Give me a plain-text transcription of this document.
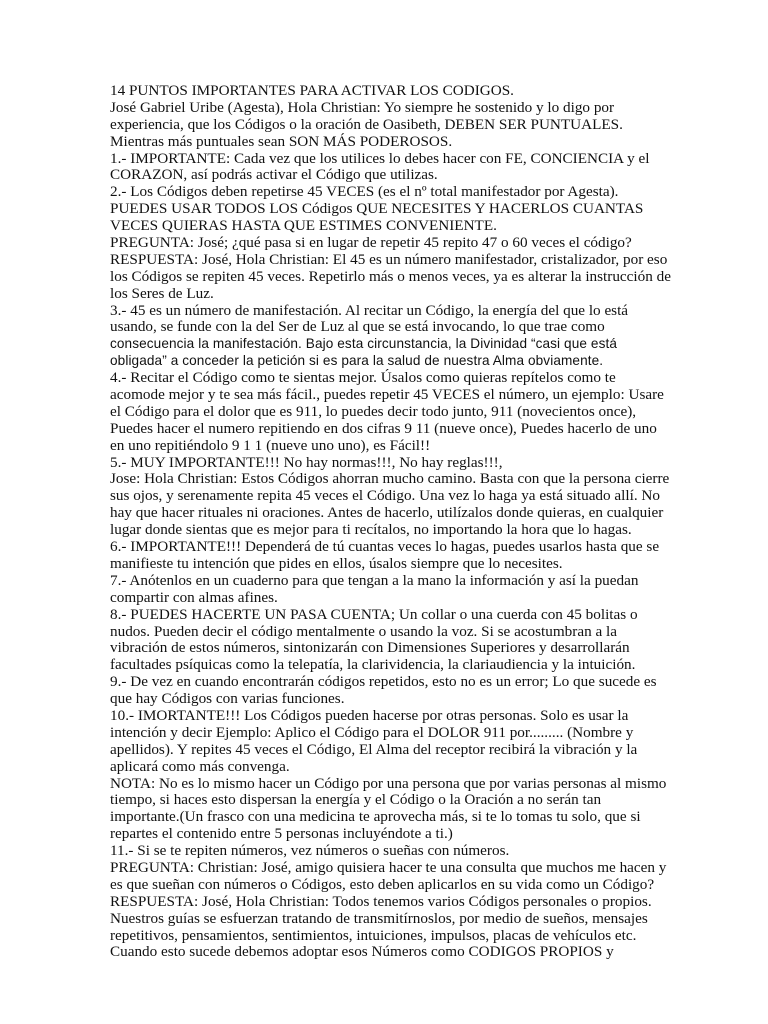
14 PUNTOS IMPORTANTES PARA ACTIVAR LOS CODIGOS.
José Gabriel Uribe (Agesta), Hola Christian: Yo siempre he sostenido y lo digo por
experiencia, que los Códigos o la oración de Oasibeth, DEBEN SER PUNTUALES.
Mientras más puntuales sean SON MÁS PODEROSOS.
1.- IMPORTANTE: Cada vez que los utilices lo debes hacer con FE, CONCIENCIA y el
CORAZON, así podrás activar el Código que utilizas.
2.- Los Códigos deben repetirse 45 VECES (es el nº total manifestador por Agesta).
PUEDES USAR TODOS LOS Códigos QUE NECESITES Y HACERLOS CUANTAS
VECES QUIERAS HASTA QUE ESTIMES CONVENIENTE.
PREGUNTA: José; ¿qué pasa si en lugar de repetir 45 repito 47 o 60 veces el código?
RESPUESTA: José, Hola Christian: El 45 es un número manifestador, cristalizador, por eso
los Códigos se repiten 45 veces. Repetirlo más o menos veces, ya es alterar la instrucción de
los Seres de Luz.
3.- 45 es un número de manifestación. Al recitar un Código, la energía del que lo está
usando, se funde con la del Ser de Luz al que se está invocando, lo que trae como
consecuencia la manifestación. Bajo esta circunstancia, la Divinidad “casi que está
obligada” a conceder la petición si es para la salud de nuestra Alma obviamente.
4.- Recitar el Código como te sientas mejor. Úsalos como quieras repítelos como te
acomode mejor y te sea más fácil., puedes repetir 45 VECES el número, un ejemplo: Usare
el Código para el dolor que es 911, lo puedes decir todo junto, 911 (novecientos once),
Puedes hacer el numero repitiendo en dos cifras 9 11 (nueve once), Puedes hacerlo de uno
en uno repitiéndolo 9 1 1 (nueve uno uno), es Fácil!!
5.- MUY IMPORTANTE!!! No hay normas!!!, No hay reglas!!!,
Jose: Hola Christian: Estos Códigos ahorran mucho camino. Basta con que la persona cierre
sus ojos, y serenamente repita 45 veces el Código. Una vez lo haga ya está situado allí. No
hay que hacer rituales ni oraciones. Antes de hacerlo, utilízalos donde quieras, en cualquier
lugar donde sientas que es mejor para ti recítalos, no importando la hora que lo hagas.
6.- IMPORTANTE!!! Dependerá de tú cuantas veces lo hagas, puedes usarlos hasta que se
manifieste tu intención que pides en ellos, úsalos siempre que lo necesites.
7.- Anótenlos en un cuaderno para que tengan a la mano la información y así la puedan
compartir con almas afines.
8.- PUEDES HACERTE UN PASA CUENTA; Un collar o una cuerda con 45 bolitas o
nudos. Pueden decir el código mentalmente o usando la voz. Si se acostumbran a la
vibración de estos números, sintonizarán con Dimensiones Superiores y desarrollarán
facultades psíquicas como la telepatía, la clarividencia, la clariaudiencia y la intuición.
9.- De vez en cuando encontrarán códigos repetidos, esto no es un error; Lo que sucede es
que hay Códigos con varias funciones.
10.- IMORTANTE!!! Los Códigos pueden hacerse por otras personas. Solo es usar la
intención y decir Ejemplo: Aplico el Código para el DOLOR 911 por......... (Nombre y
apellidos). Y repites 45 veces el Código, El Alma del receptor recibirá la vibración y la
aplicará como más convenga.
NOTA: No es lo mismo hacer un Código por una persona que por varias personas al mismo
tiempo, si haces esto dispersan la energía y el Código o la Oración a no serán tan
importante.(Un frasco con una medicina te aprovecha más, si te lo tomas tu solo, que si
repartes el contenido entre 5 personas incluyéndote a ti.)
11.- Si se te repiten números, vez números o sueñas con números.
PREGUNTA: Christian: José, amigo quisiera hacer te una consulta que muchos me hacen y
es que sueñan con números o Códigos, esto deben aplicarlos en su vida como un Código?
RESPUESTA: José, Hola Christian: Todos tenemos varios Códigos personales o propios.
Nuestros guías se esfuerzan tratando de transmitírnoslos, por medio de sueños, mensajes
repetitivos, pensamientos, sentimientos, intuiciones, impulsos, placas de vehículos etc.
Cuando esto sucede debemos adoptar esos Números como CODIGOS PROPIOS y
